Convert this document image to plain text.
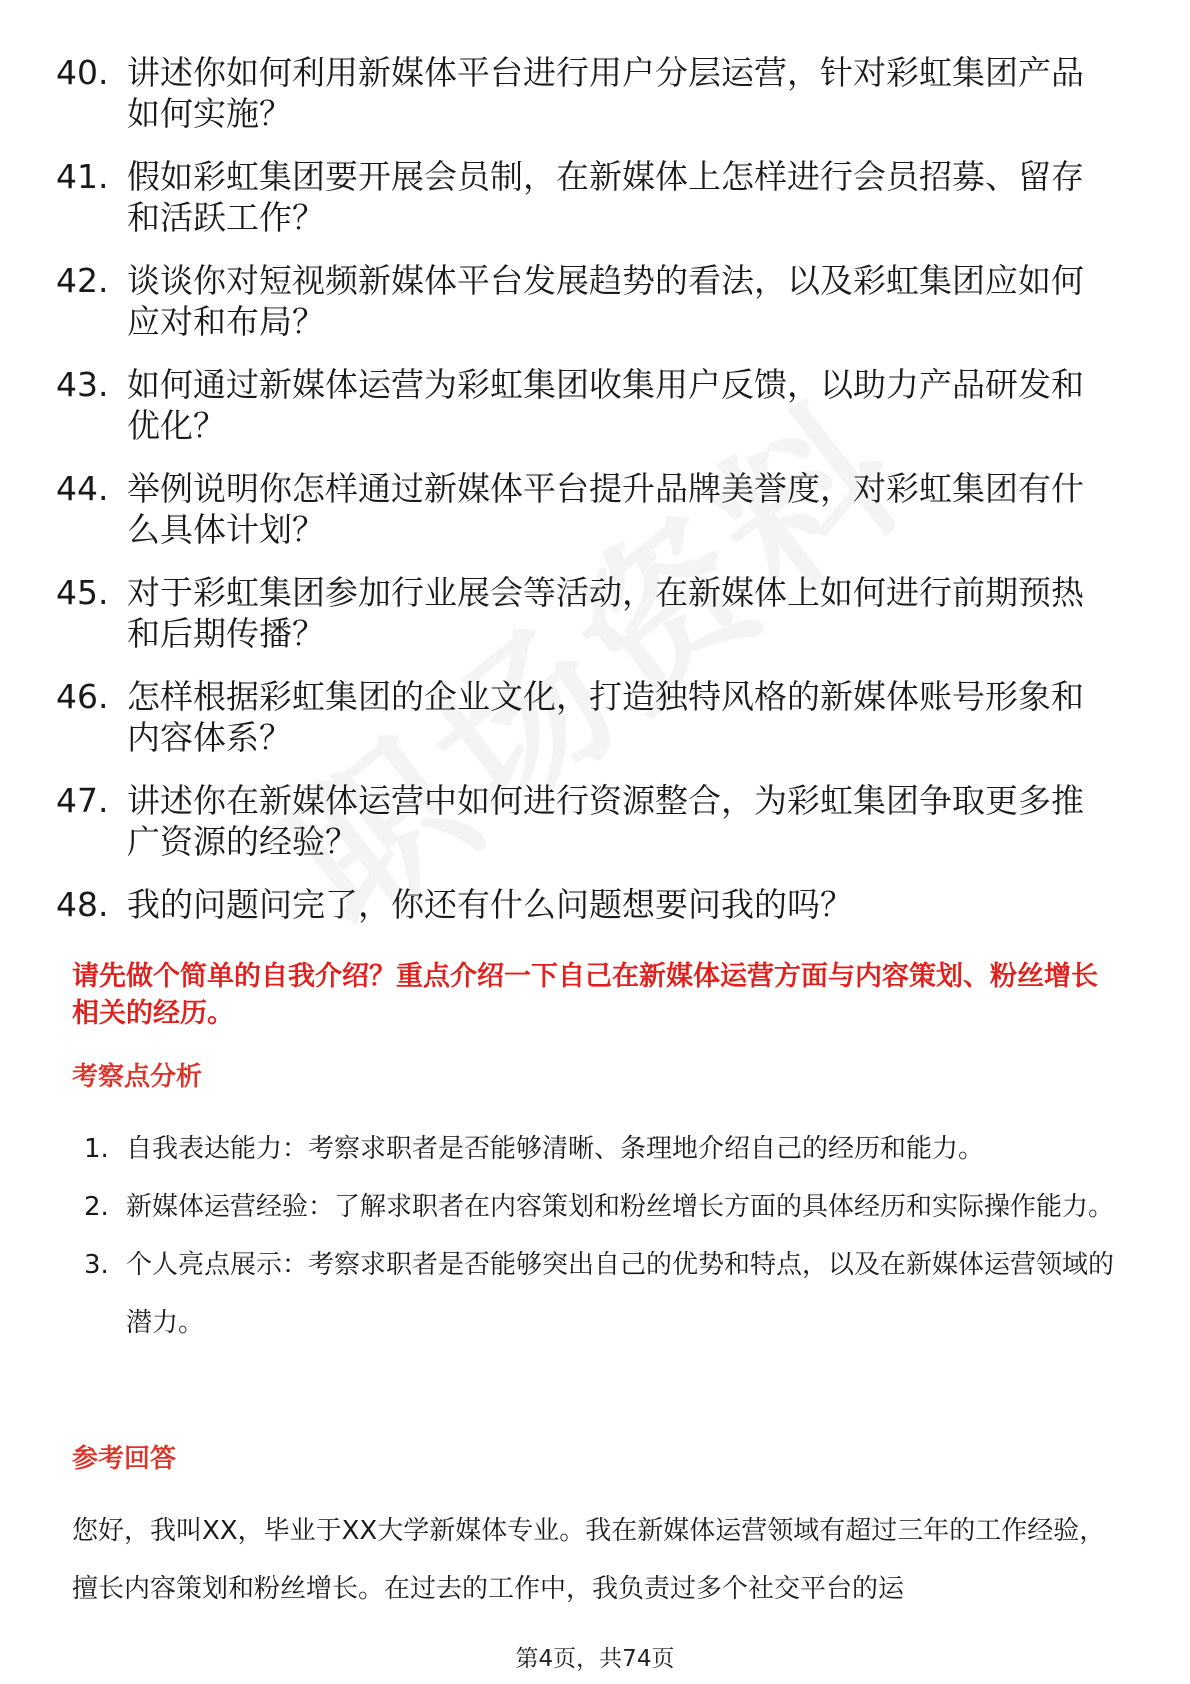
40. 讲述你如何利用新媒体平台进行用户分层运营，针对彩虹集团产品如何实施？
41. 假如彩虹集团要开展会员制，在新媒体上怎样进行会员招募、留存和活跃工作？
42. 谈谈你对短视频新媒体平台发展趋势的看法，以及彩虹集团应如何应对和布局？
43. 如何通过新媒体运营为彩虹集团收集用户反馈，以助力产品研发和优化？
44. 举例说明你怎样通过新媒体平台提升品牌美誉度，对彩虹集团有什么具体计划？
45. 对于彩虹集团参加行业展会等活动，在新媒体上如何进行前期预热和后期传播？
46. 怎样根据彩虹集团的企业文化，打造独特风格的新媒体账号形象和内容体系？
47. 讲述你在新媒体运营中如何进行资源整合，为彩虹集团争取更多推广资源的经验？
48. 我的问题问完了，你还有什么问题想要问我的吗？
请先做个简单的自我介绍？重点介绍一下自己在新媒体运营方面与内容策划、粉丝增长相关的经历。
考察点分析
1. 自我表达能力：考察求职者是否能够清晰、条理地介绍自己的经历和能力。
2. 新媒体运营经验：了解求职者在内容策划和粉丝增长方面的具体经历和实际操作能力。
3. 个人亮点展示：考察求职者是否能够突出自己的优势和特点，以及在新媒体运营领域的潜力。
参考回答
您好，我叫XX，毕业于XX大学新媒体专业。我在新媒体运营领域有超过三年的工作经验，擅长内容策划和粉丝增长。在过去的工作中，我负责过多个社交平台的运
第4页，共74页
